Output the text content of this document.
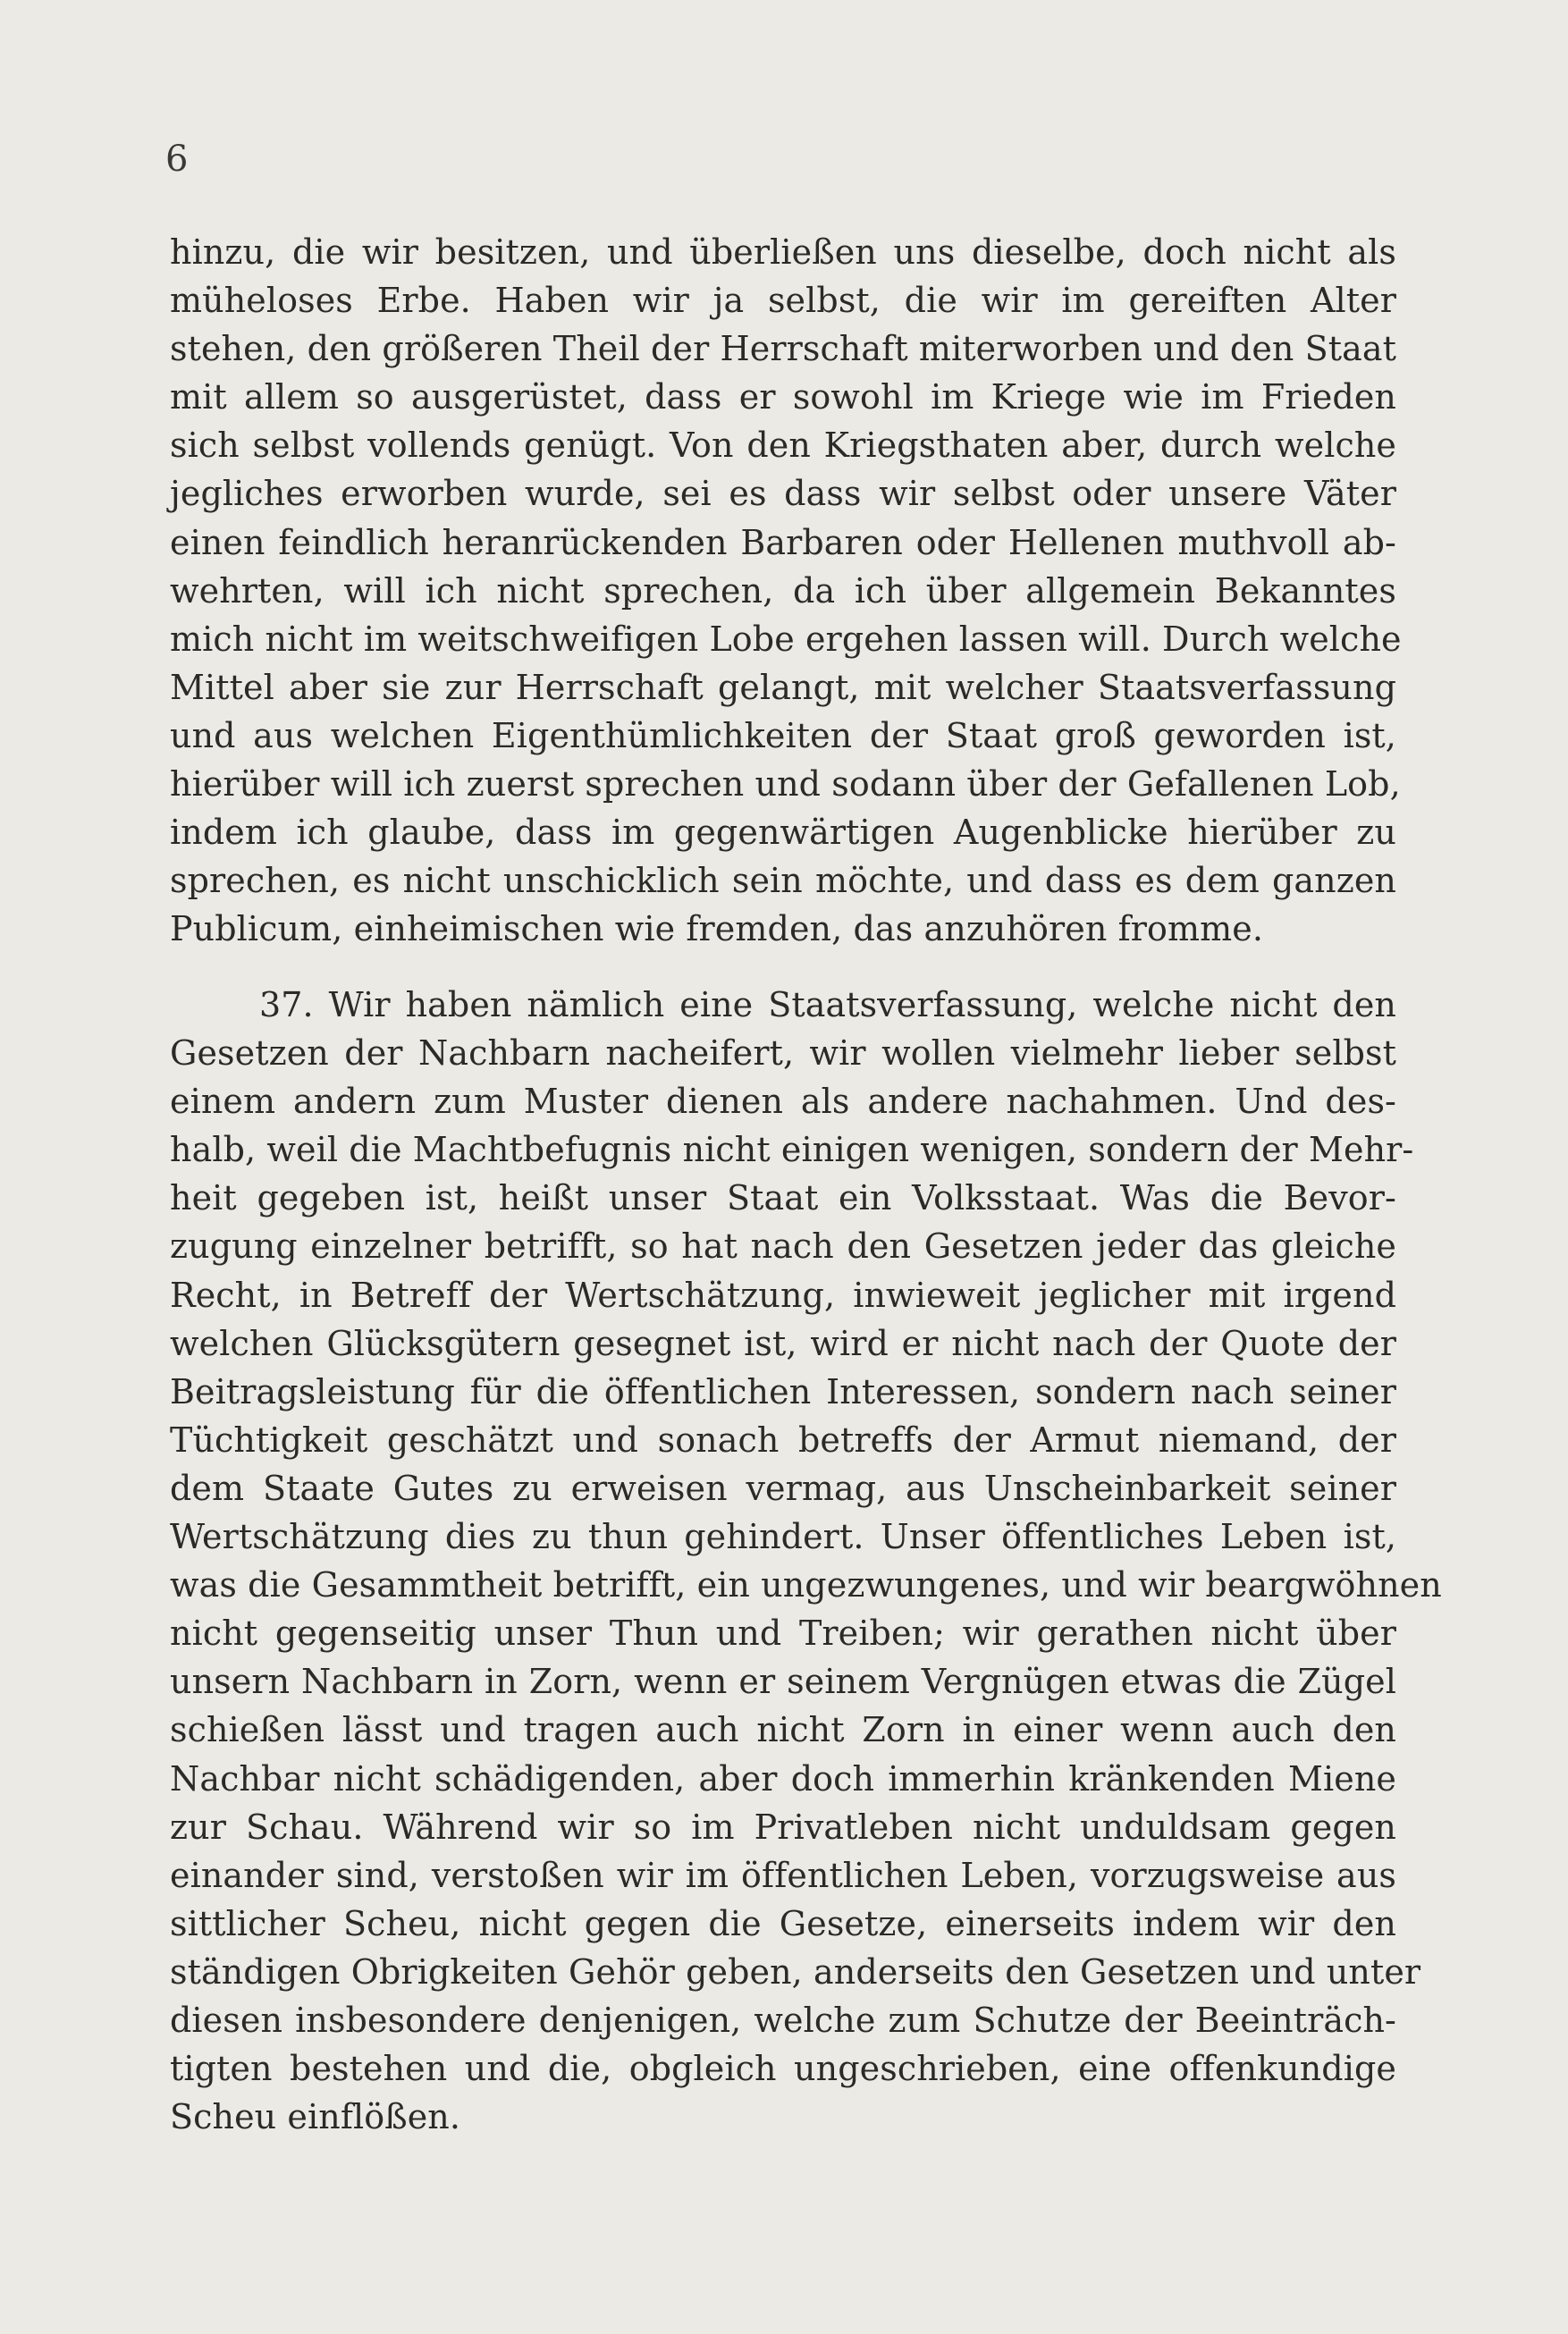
6
hinzu, die wir besitzen, und überließen uns dieselbe, doch nicht als
müheloses Erbe. Haben wir ja selbst, die wir im gereiften Alter
stehen, den größeren Theil der Herrschaft miterworben und den Staat
mit allem so ausgerüstet, dass er sowohl im Kriege wie im Frieden
sich selbst vollends genügt. Von den Kriegsthaten aber, durch welche
jegliches erworben wurde, sei es dass wir selbst oder unsere Väter
einen feindlich heranrückenden Barbaren oder Hellenen muthvoll ab-
wehrten, will ich nicht sprechen, da ich über allgemein Bekanntes
mich nicht im weitschweifigen Lobe ergehen lassen will. Durch welche
Mittel aber sie zur Herrschaft gelangt, mit welcher Staatsverfassung
und aus welchen Eigenthümlichkeiten der Staat groß geworden ist,
hierüber will ich zuerst sprechen und sodann über der Gefallenen Lob,
indem ich glaube, dass im gegenwärtigen Augenblicke hierüber zu
sprechen, es nicht unschicklich sein möchte, und dass es dem ganzen
Publicum, einheimischen wie fremden, das anzuhören fromme.
37. Wir haben nämlich eine Staatsverfassung, welche nicht den
Gesetzen der Nachbarn nacheifert, wir wollen vielmehr lieber selbst
einem andern zum Muster dienen als andere nachahmen. Und des-
halb, weil die Machtbefugnis nicht einigen wenigen, sondern der Mehr-
heit gegeben ist, heißt unser Staat ein Volksstaat. Was die Bevor-
zugung einzelner betrifft, so hat nach den Gesetzen jeder das gleiche
Recht, in Betreff der Wertschätzung, inwieweit jeglicher mit irgend
welchen Glücksgütern gesegnet ist, wird er nicht nach der Quote der
Beitragsleistung für die öffentlichen Interessen, sondern nach seiner
Tüchtigkeit geschätzt und sonach betreffs der Armut niemand, der
dem Staate Gutes zu erweisen vermag, aus Unscheinbarkeit seiner
Wertschätzung dies zu thun gehindert. Unser öffentliches Leben ist,
was die Gesammtheit betrifft, ein ungezwungenes, und wir beargwöhnen
nicht gegenseitig unser Thun und Treiben; wir gerathen nicht über
unsern Nachbarn in Zorn, wenn er seinem Vergnügen etwas die Zügel
schießen lässt und tragen auch nicht Zorn in einer wenn auch den
Nachbar nicht schädigenden, aber doch immerhin kränkenden Miene
zur Schau. Während wir so im Privatleben nicht unduldsam gegen
einander sind, verstoßen wir im öffentlichen Leben, vorzugsweise aus
sittlicher Scheu, nicht gegen die Gesetze, einerseits indem wir den
ständigen Obrigkeiten Gehör geben, anderseits den Gesetzen und unter
diesen insbesondere denjenigen, welche zum Schutze der Beeinträch-
tigten bestehen und die, obgleich ungeschrieben, eine offenkundige
Scheu einflößen.
